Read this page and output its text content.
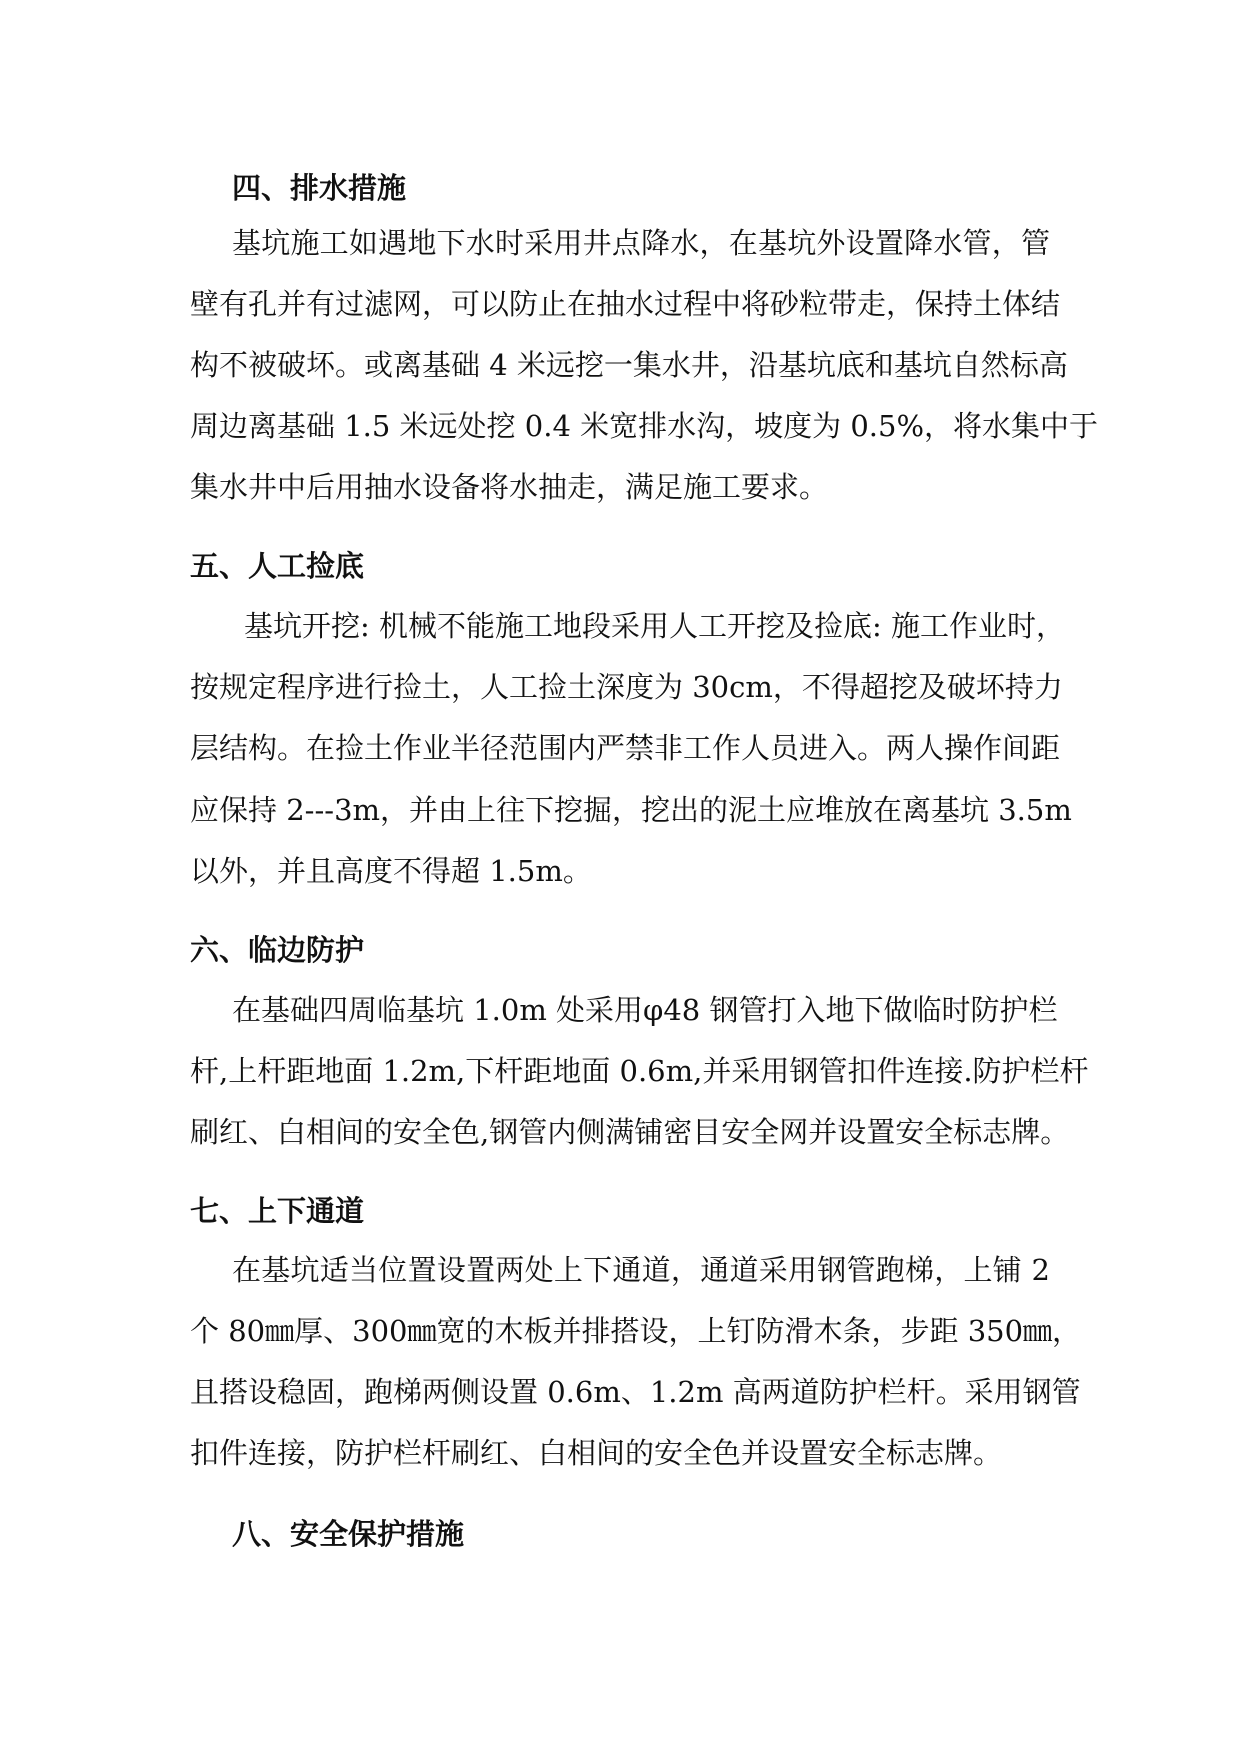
四、排水措施
基坑施工如遇地下水时采用井点降水，在基坑外设置降水管，管
壁有孔并有过滤网，可以防止在抽水过程中将砂粒带走，保持土体结
构不被破坏。或离基础 4 米远挖一集水井，沿基坑底和基坑自然标高
周边离基础 1.5 米远处挖 0.4 米宽排水沟，坡度为 0.5%，将水集中于
集水井中后用抽水设备将水抽走，满足施工要求。
五、人工捡底
基坑开挖: 机械不能施工地段采用人工开挖及捡底: 施工作业时，
按规定程序进行捡土，人工捡土深度为 30cm，不得超挖及破坏持力
层结构。在捡土作业半径范围内严禁非工作人员进入。两人操作间距
应保持 2---3m，并由上往下挖掘，挖出的泥土应堆放在离基坑 3.5m
以外，并且高度不得超 1.5m。
六、临边防护
在基础四周临基坑 1.0m 处采用φ48 钢管打入地下做临时防护栏
杆,上杆距地面 1.2m,下杆距地面 0.6m,并采用钢管扣件连接.防护栏杆
刷红、白相间的安全色,钢管内侧满铺密目安全网并设置安全标志牌。
七、上下通道
在基坑适当位置设置两处上下通道，通道采用钢管跑梯，上铺 2
个 80㎜厚、300㎜宽的木板并排搭设，上钉防滑木条，步距 350㎜，
且搭设稳固，跑梯两侧设置 0.6m、1.2m 高两道防护栏杆。采用钢管
扣件连接，防护栏杆刷红、白相间的安全色并设置安全标志牌。
八、安全保护措施
